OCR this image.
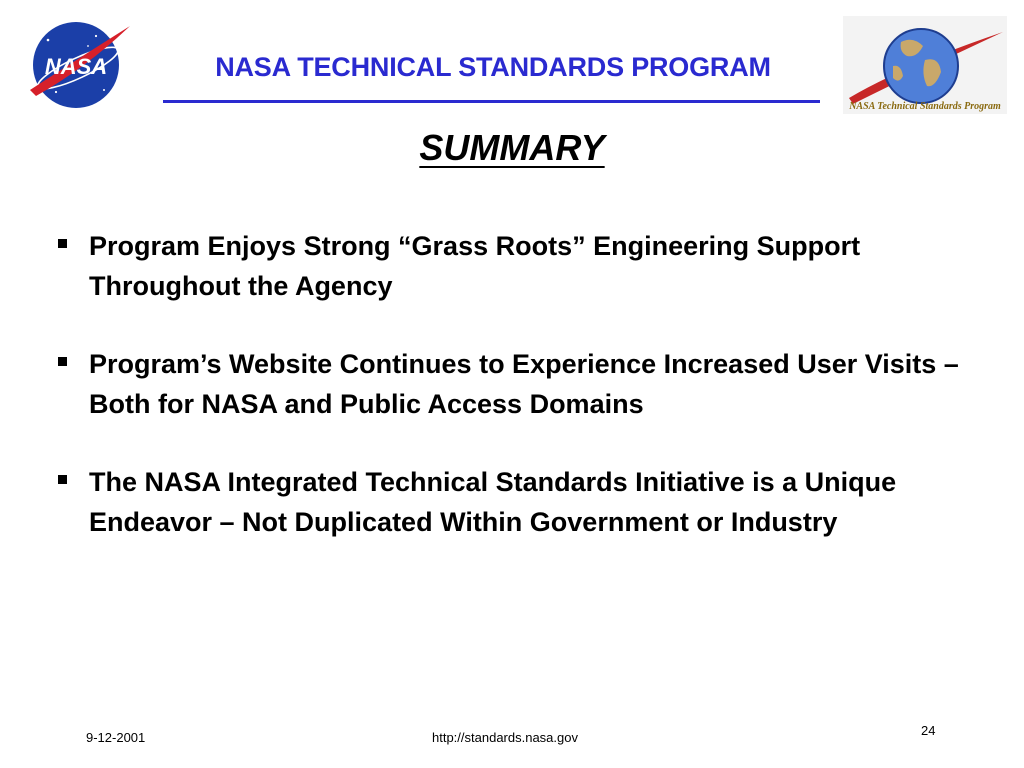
NASA	NASA TECHNICAL STANDARDS PROGRAM
NASA Technical Standards Program
SUMMARY
Program Enjoys Strong “Grass Roots” Engineering Support Throughout the Agency
Program’s Website Continues to Experience Increased User Visits – Both for NASA and Public Access Domains
The NASA Integrated Technical Standards Initiative is a Unique Endeavor – Not Duplicated Within Government or Industry
9-12-2001	http://standards.nasa.gov	24
